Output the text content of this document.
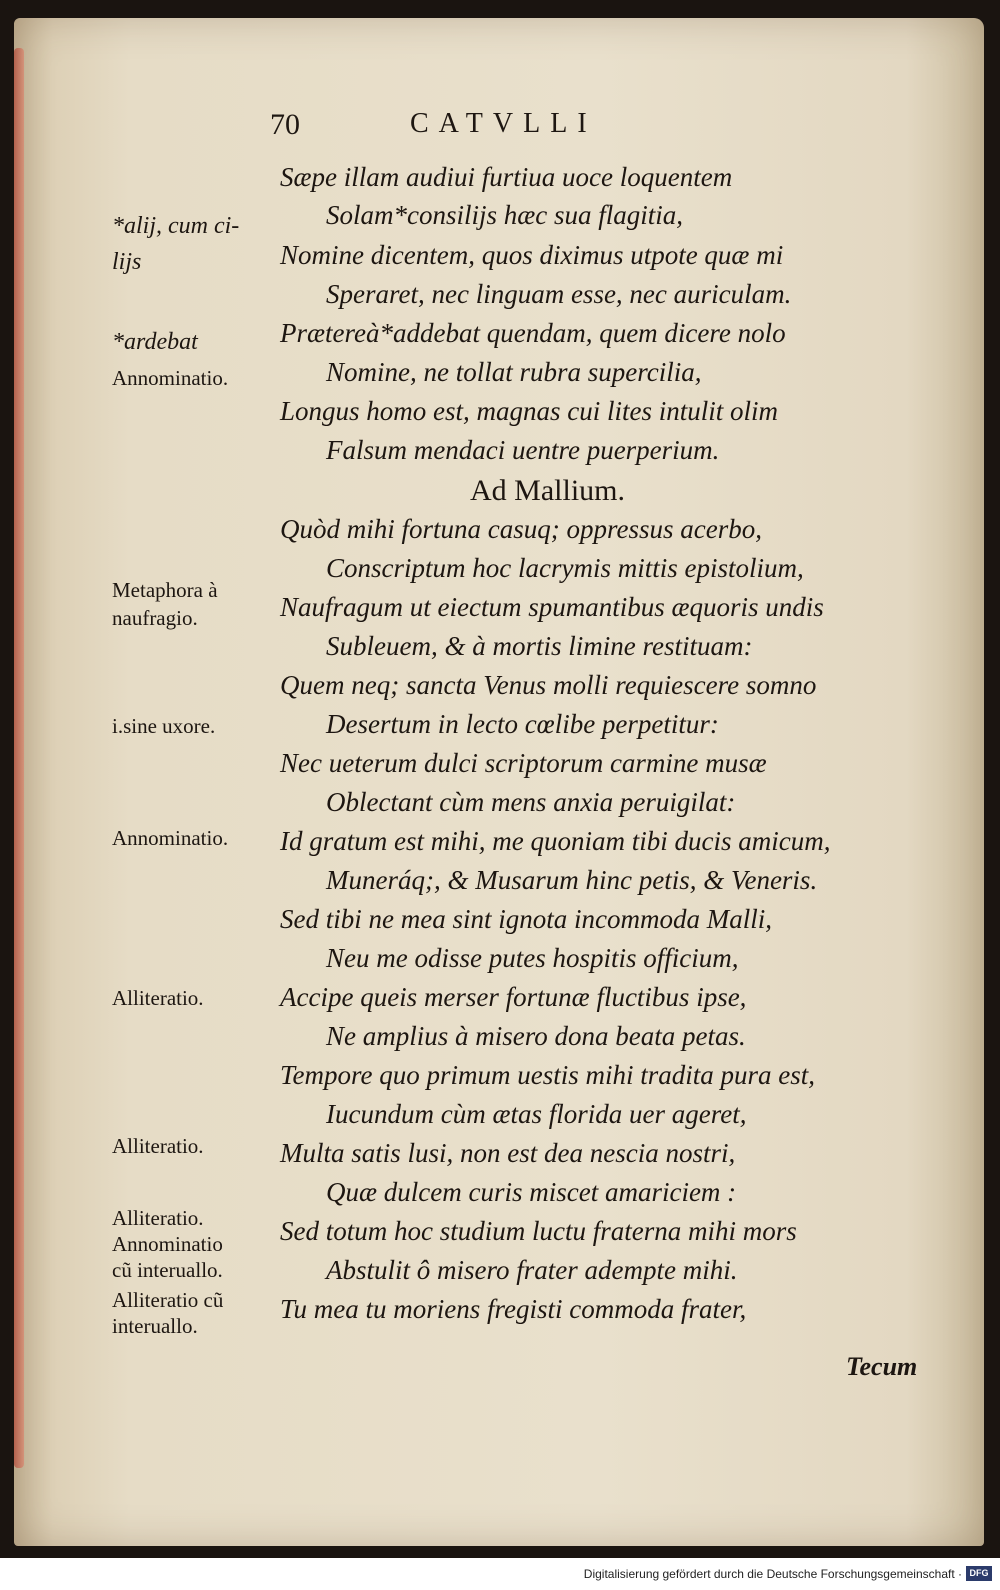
70	CATVLLI
Sæpe illam audiui furtiua uoce loquentem
Solam*consilijs hæc sua flagitia,
Nomine dicentem, quos diximus utpote quæ mi
Speraret, nec linguam esse, nec auriculam.
Prætereà*addebat quendam, quem dicere nolo
Nomine, ne tollat rubra supercilia,
Longus homo est, magnas cui lites intulit olim
Falsum mendaci uentre puerperium.
Ad Mallium.
Quòd mihi fortuna casuq; oppressus acerbo,
Conscriptum hoc lacrymis mittis epistolium,
Naufragum ut eiectum spumantibus æquoris undis
Subleuem, & à mortis limine restituam:
Quem neq; sancta Venus molli requiescere somno
Desertum in lecto cœlibe perpetitur:
Nec ueterum dulci scriptorum carmine musæ
Oblectant cùm mens anxia peruigilat:
Id gratum est mihi, me quoniam tibi ducis amicum,
Muneráq;, & Musarum hinc petis, & Veneris.
Sed tibi ne mea sint ignota incommoda Malli,
Neu me odisse putes hospitis officium,
Accipe queis merser fortunæ fluctibus ipse,
Ne amplius à misero dona beata petas.
Tempore quo primum uestis mihi tradita pura est,
Iucundum cùm ætas florida uer ageret,
Multa satis lusi, non est dea nescia nostri,
Quæ dulcem curis miscet amariciem :
Sed totum hoc studium luctu fraterna mihi mors
Abstulit ô misero frater adempte mihi.
Tu mea tu moriens fregisti commoda frater,
*alij, cum ci-
lijs
*ardebat
Annominatio.
Metaphora à
naufragio.
i.sine uxore.
Annominatio.
Alliteratio.
Alliteratio.
Alliteratio.
Annominatio
cũ interuallo.
Alliteratio cũ
interuallo.
Tecum
Digitalisierung gefördert durch die Deutsche Forschungsgemeinschaft · DFG
